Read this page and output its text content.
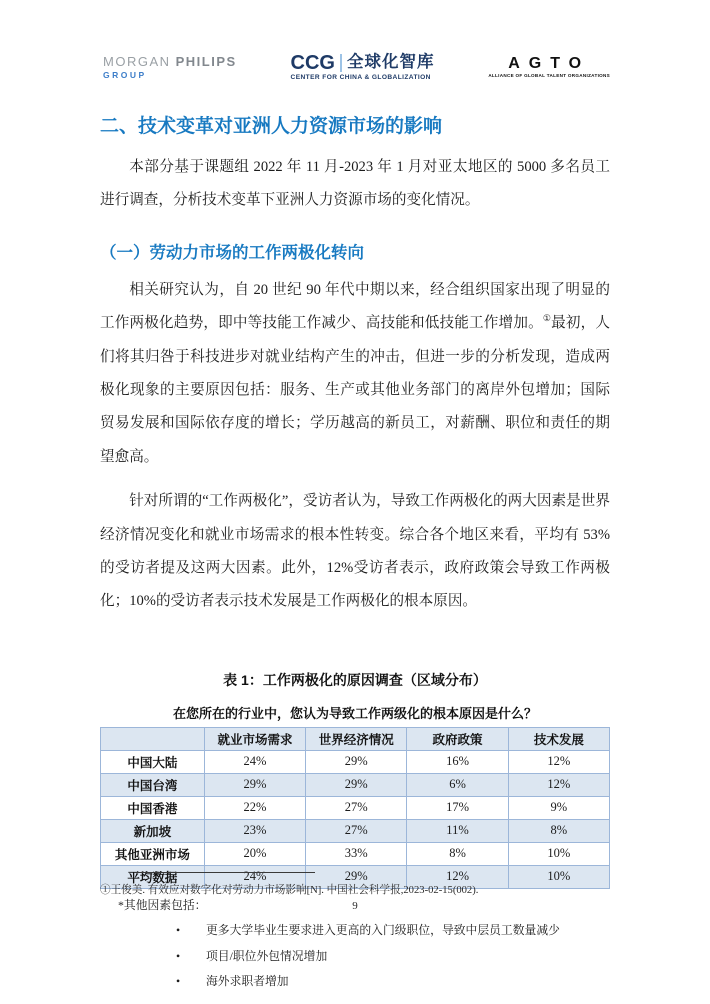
MORGAN PHILIPS
GROUP
CCG 全球化智库
CENTER FOR CHINA & GLOBALIZATION
AGTO
ALLIANCE OF GLOBAL TALENT ORGANIZATIONS
二、技术变革对亚洲人力资源市场的影响

本部分基于课题组 2022 年 11 月-2023 年 1 月对亚太地区的 5000 多名员工进行调查，分析技术变革下亚洲人力资源市场的变化情况。

（一）劳动力市场的工作两极化转向

相关研究认为，自 20 世纪 90 年代中期以来，经合组织国家出现了明显的工作两极化趋势，即中等技能工作减少、高技能和低技能工作增加。①最初，人们将其归咎于科技进步对就业结构产生的冲击，但进一步的分析发现，造成两极化现象的主要原因包括：服务、生产或其他业务部门的离岸外包增加；国际贸易发展和国际依存度的增长；学历越高的新员工，对薪酬、职位和责任的期望愈高。

针对所谓的“工作两极化”，受访者认为，导致工作两极化的两大因素是世界经济情况变化和就业市场需求的根本性转变。综合各个地区来看，平均有 53%的受访者提及这两大因素。此外，12%受访者表示，政府政策会导致工作两极化；10%的受访者表示技术发展是工作两极化的根本原因。

表 1：工作两极化的原因调查（区域分布）
在您所在的行业中，您认为导致工作两级化的根本原因是什么？
	就业市场需求	世界经济情况	政府政策	技术发展
中国大陆	24%	29%	16%	12%
中国台湾	29%	29%	6%	12%
中国香港	22%	27%	17%	9%
新加坡	23%	27%	11%	8%
其他亚洲市场	20%	33%	8%	10%
平均数据	24%	29%	12%	10%
*其他因素包括：
• 更多大学毕业生要求进入更高的入门级职位，导致中层员工数量减少
• 项目/职位外包情况增加
• 海外求职者增加
①王俊美. 有效应对数字化对劳动力市场影响[N]. 中国社会科学报,2023-02-15(002).
9
